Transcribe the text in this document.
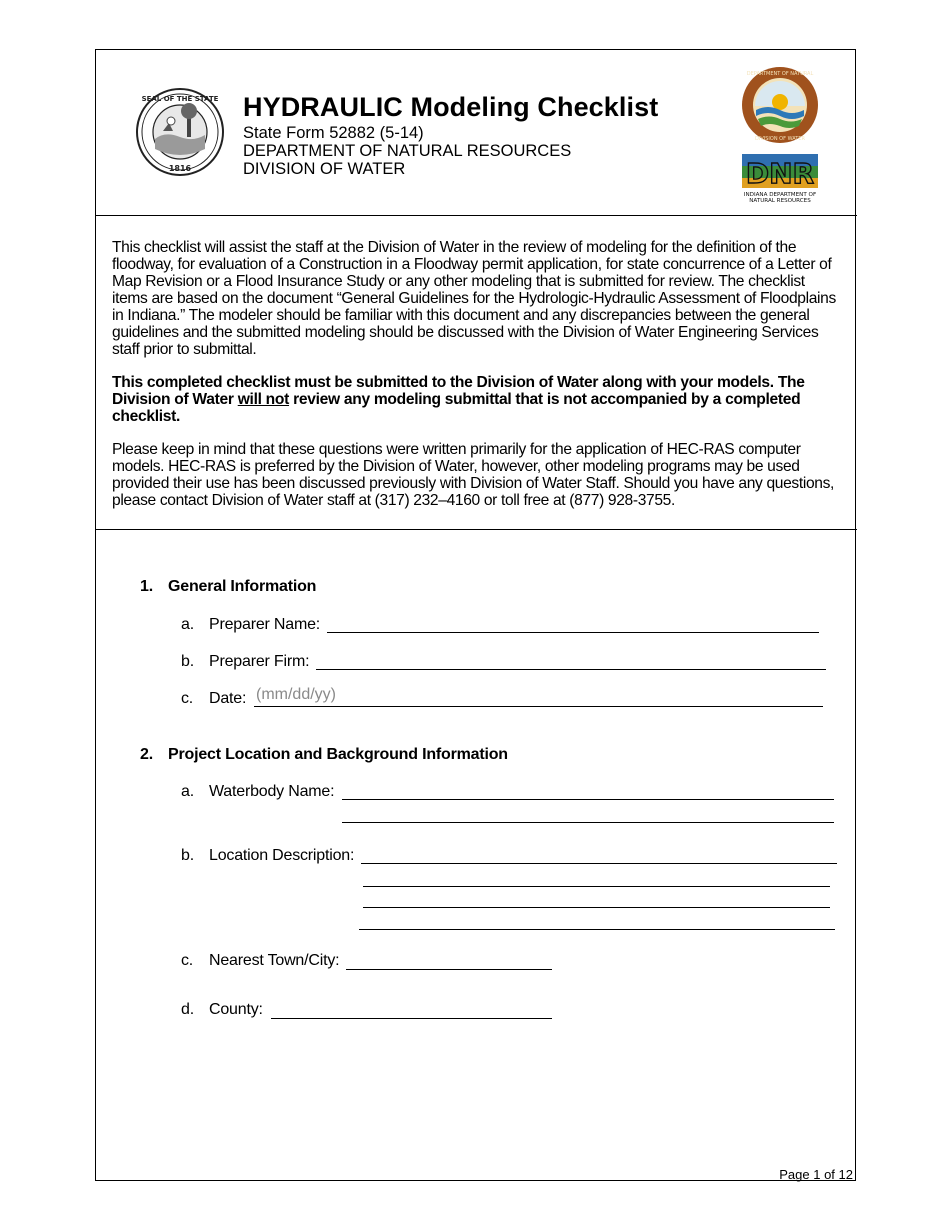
SEAL OF THE STATE
1816
HYDRAULIC Modeling Checklist
State Form 52882 (5-14)
DEPARTMENT OF NATURAL RESOURCES
DIVISION OF WATER
DEPARTMENT OF NATURAL
DIVISION OF WATER
DNR
INDIANA DEPARTMENT OF
NATURAL RESOURCES

This checklist will assist the staff at the Division of Water in the review of modeling for the definition of the floodway, for evaluation of a Construction in a Floodway permit application, for state concurrence of a Letter of Map Revision or a Flood Insurance Study or any other modeling that is submitted for review. The checklist items are based on the document “General Guidelines for the Hydrologic-Hydraulic Assessment of Floodplains in Indiana.” The modeler should be familiar with this document and any discrepancies between the general guidelines and the submitted modeling should be discussed with the Division of Water Engineering Services staff prior to submittal.

This completed checklist must be submitted to the Division of Water along with your models. The Division of Water will not review any modeling submittal that is not accompanied by a completed checklist.

Please keep in mind that these questions were written primarily for the application of HEC-RAS computer models. HEC-RAS is preferred by the Division of Water, however, other modeling programs may be used provided their use has been discussed previously with Division of Water Staff. Should you have any questions, please contact Division of Water staff at (317) 232–4160 or toll free at (877) 928-3755.

1. General Information
a. Preparer Name:
b. Preparer Firm:
c. Date: (mm/dd/yy)
2. Project Location and Background Information
a. Waterbody Name:
b. Location Description:
c. Nearest Town/City:
d. County:
Page 1 of 12
